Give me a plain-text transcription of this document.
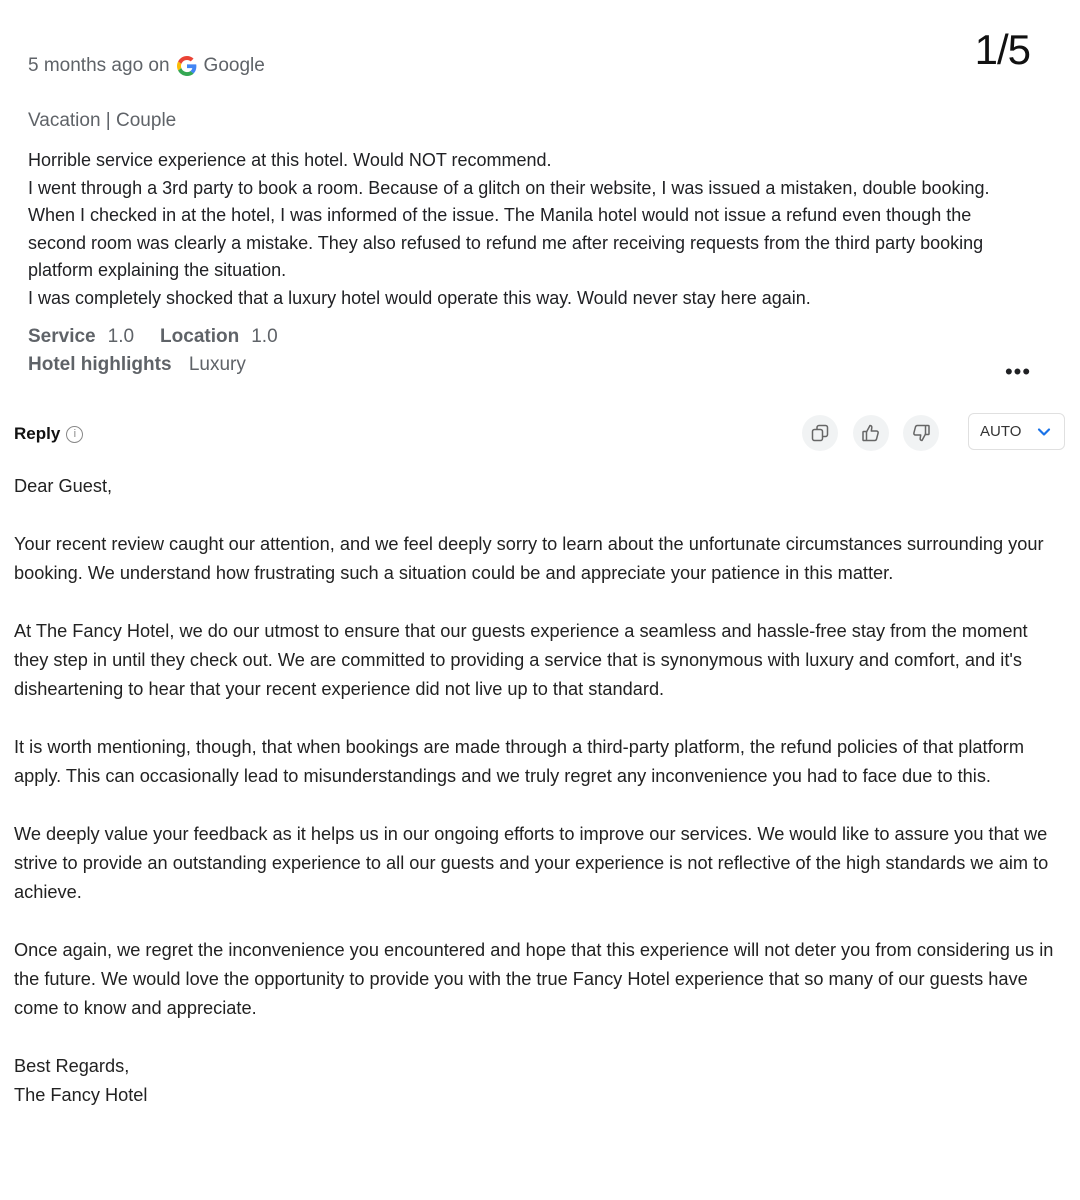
1/5
5 months ago on Google
Vacation | Couple

Horrible service experience at this hotel. Would NOT recommend.

I went through a 3rd party to book a room. Because of a glitch on their website, I was issued a mistaken, double booking. When I checked in at the hotel, I was informed of the issue. The Manila hotel would not issue a refund even though the second room was clearly a mistake. They also refused to refund me after receiving requests from the third party booking platform explaining the situation.

I was completely shocked that a luxury hotel would operate this way. Would never stay here again.

Service 1.0 Location 1.0
Hotel highlights Luxury	•••
Reply	i	AUTO

Dear Guest,

Your recent review caught our attention, and we feel deeply sorry to learn about the unfortunate circumstances surrounding your booking. We understand how frustrating such a situation could be and appreciate your patience in this matter.

At The Fancy Hotel, we do our utmost to ensure that our guests experience a seamless and hassle-free stay from the moment they step in until they check out. We are committed to providing a service that is synonymous with luxury and comfort, and it's disheartening to hear that your recent experience did not live up to that standard.

It is worth mentioning, though, that when bookings are made through a third-party platform, the refund policies of that platform apply. This can occasionally lead to misunderstandings and we truly regret any inconvenience you had to face due to this.

We deeply value your feedback as it helps us in our ongoing efforts to improve our services. We would like to assure you that we strive to provide an outstanding experience to all our guests and your experience is not reflective of the high standards we aim to achieve.

Once again, we regret the inconvenience you encountered and hope that this experience will not deter you from considering us in the future. We would love the opportunity to provide you with the true Fancy Hotel experience that so many of our guests have come to know and appreciate.

Best Regards,

The Fancy Hotel
